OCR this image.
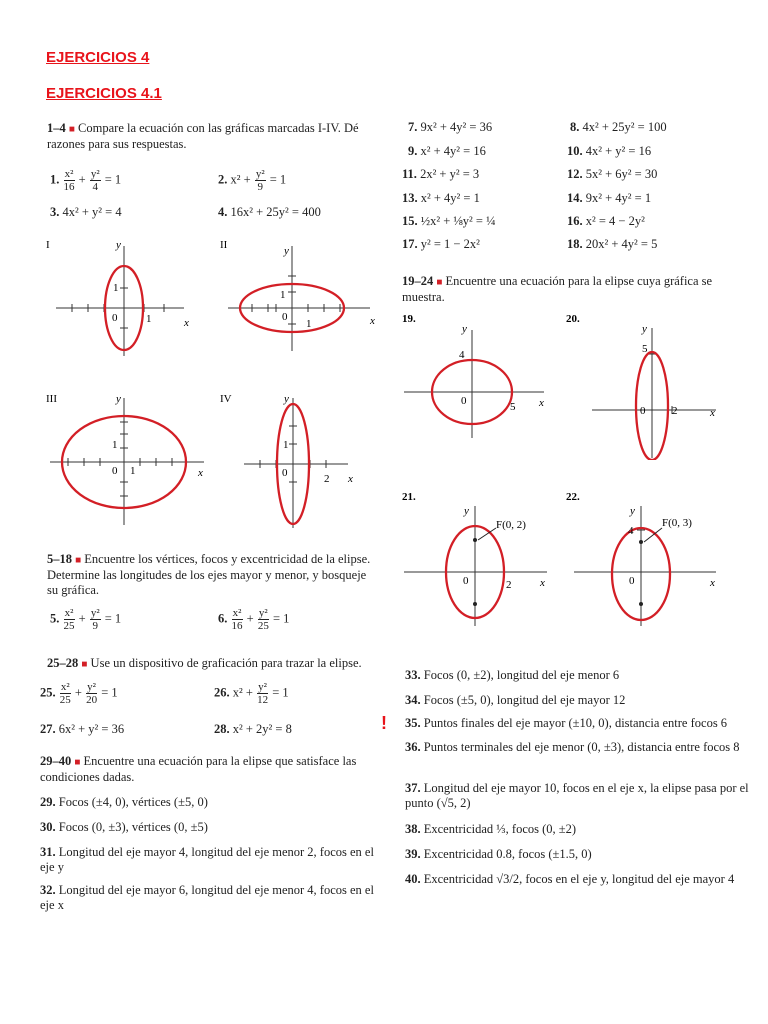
EJERCICIOS 4
EJERCICIOS 4.1
1–4 ■ Compare la ecuación con las gráficas marcadas I-IV. Dé razones para sus respuestas.
1. $\frac{\text{x²}}{16} + \frac{\text{y²}}{4} = 1$	2. $x^2 + \frac{\text{y²}}{9} = 1$
3. 4x² + y² = 4	4. 16x² + 25y² = 400
I	y
x
0
1
1
II	y
x
0
1
1
III	y
x
0
1
1
IV	y
x
0	2
1
5–18 ■ Encuentre los vértices, focos y excentricidad de la elipse. Determine las longitudes de los ejes mayor y menor, y bosqueje su gráfica.
5. $\frac{\text{x²}}{25} + \frac{\text{y²}}{9} = 1$	6. $\frac{\text{x²}}{16} + \frac{\text{y²}}{25} = 1$
7. 9x² + 4y² = 36	8. 4x² + 25y² = 100
9. x² + 4y² = 16	10. 4x² + y² = 16
11. 2x² + y² = 3	12. 5x² + 6y² = 30
13. x² + 4y² = 1	14. 9x² + 4y² = 1
15. ½x² + ⅛y² = ¼	16. x² = 4 − 2y²
17. y² = 1 − 2x²	18. 20x² + 4y² = 5
19–24 ■ Encuentre una ecuación para la elipse cuya gráfica se muestra.
19.
y
x
0	5
4
20.
y
x
0 2
5
21.
y
x
0	2
F(0, 2)
22.
y
x
0
4
F(0, 3)
25–28 ■ Use un dispositivo de graficación para trazar la elipse.
25. $\frac{\text{x²}}{25} + \frac{\text{y²}}{20} = 1$	26. $x^2 + \frac{\text{y²}}{12} = 1$
27. 6x² + y² = 36	28. x² + 2y² = 8
29–40 ■ Encuentre una ecuación para la elipse que satisface las condiciones dadas.
29. Focos (±4, 0), vértices (±5, 0)
30. Focos (0, ±3), vértices (0, ±5)
31. Longitud del eje mayor 4, longitud del eje menor 2, focos en el eje y
32. Longitud del eje mayor 6, longitud del eje menor 4, focos en el eje x
!
33. Focos (0, ±2), longitud del eje menor 6
34. Focos (±5, 0), longitud del eje mayor 12
35. Puntos finales del eje mayor (±10, 0), distancia entre focos 6
36. Puntos terminales del eje menor (0, ±3), distancia entre focos 8
37. Longitud del eje mayor 10, focos en el eje x, la elipse pasa por el punto (√5, 2)
38. Excentricidad ⅓, focos (0, ±2)
39. Excentricidad 0.8, focos (±1.5, 0)
40. Excentricidad √3/2, focos en el eje y, longitud del eje mayor 4
